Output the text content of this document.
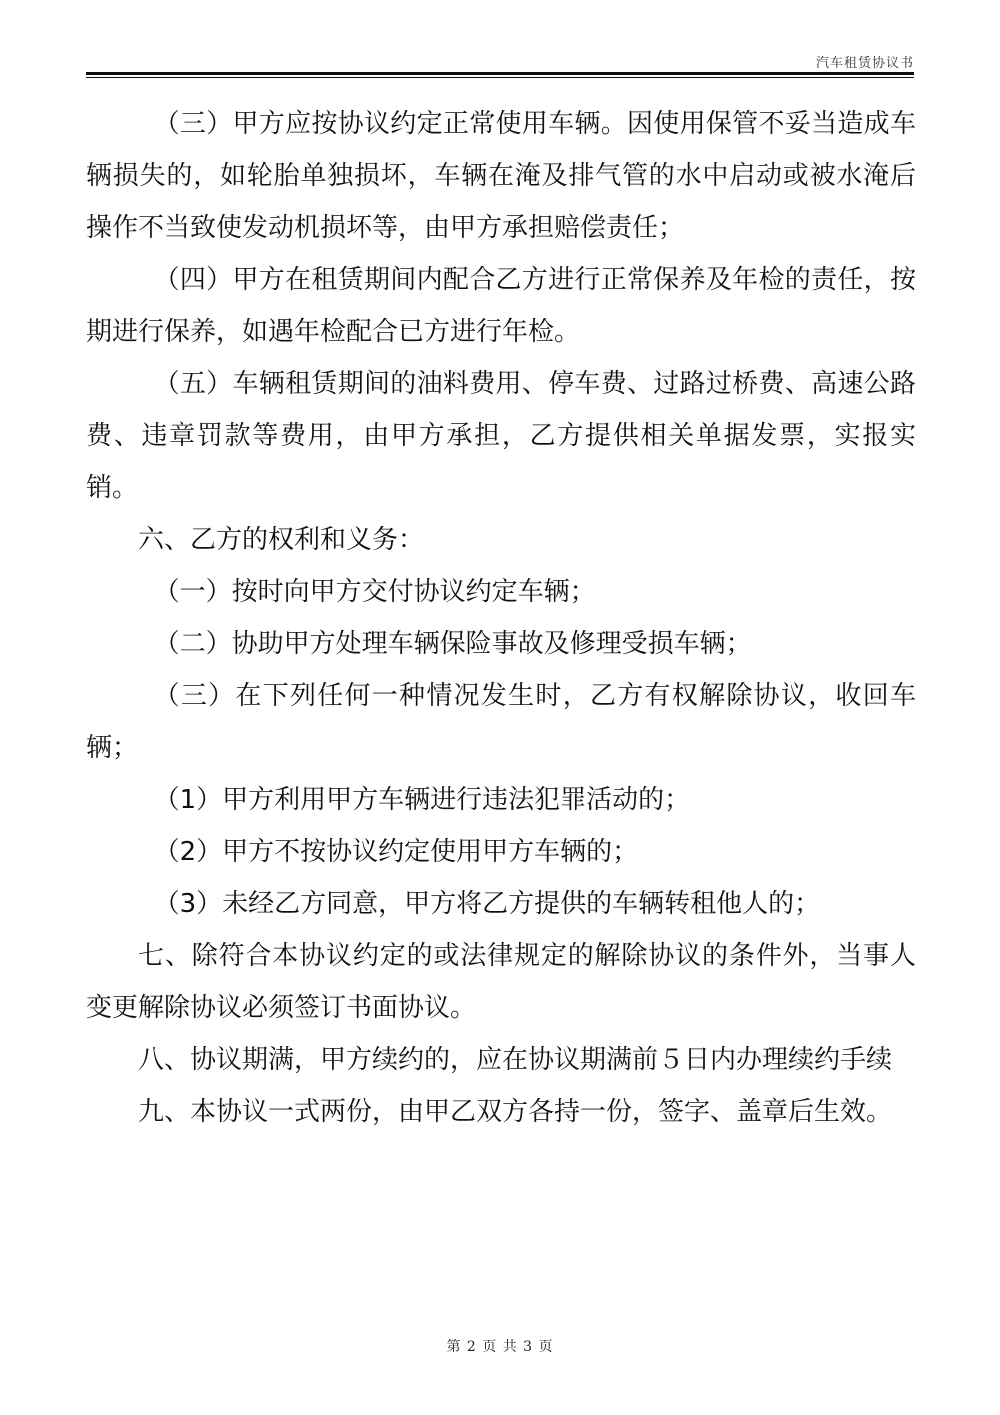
汽车租赁协议书

（三）甲方应按协议约定正常使用车辆。因使用保管不妥当造成车辆损失的，如轮胎单独损坏，车辆在淹及排气管的水中启动或被水淹后操作不当致使发动机损坏等，由甲方承担赔偿责任；

（四）甲方在租赁期间内配合乙方进行正常保养及年检的责任，按期进行保养，如遇年检配合已方进行年检。

（五）车辆租赁期间的油料费用、停车费、过路过桥费、高速公路费、违章罚款等费用，由甲方承担，乙方提供相关单据发票，实报实销。

六、乙方的权利和义务：

（一）按时向甲方交付协议约定车辆；

（二）协助甲方处理车辆保险事故及修理受损车辆；

（三）在下列任何一种情况发生时，乙方有权解除协议，收回车辆；

（1）甲方利用甲方车辆进行违法犯罪活动的；

（2）甲方不按协议约定使用甲方车辆的；

（3）未经乙方同意，甲方将乙方提供的车辆转租他人的；

七、除符合本协议约定的或法律规定的解除协议的条件外，当事人变更解除协议必须签订书面协议。

八、协议期满，甲方续约的，应在协议期满前５日内办理续约手续

九、本协议一式两份，由甲乙双方各持一份，签字、盖章后生效。

第 2 页 共 3 页
